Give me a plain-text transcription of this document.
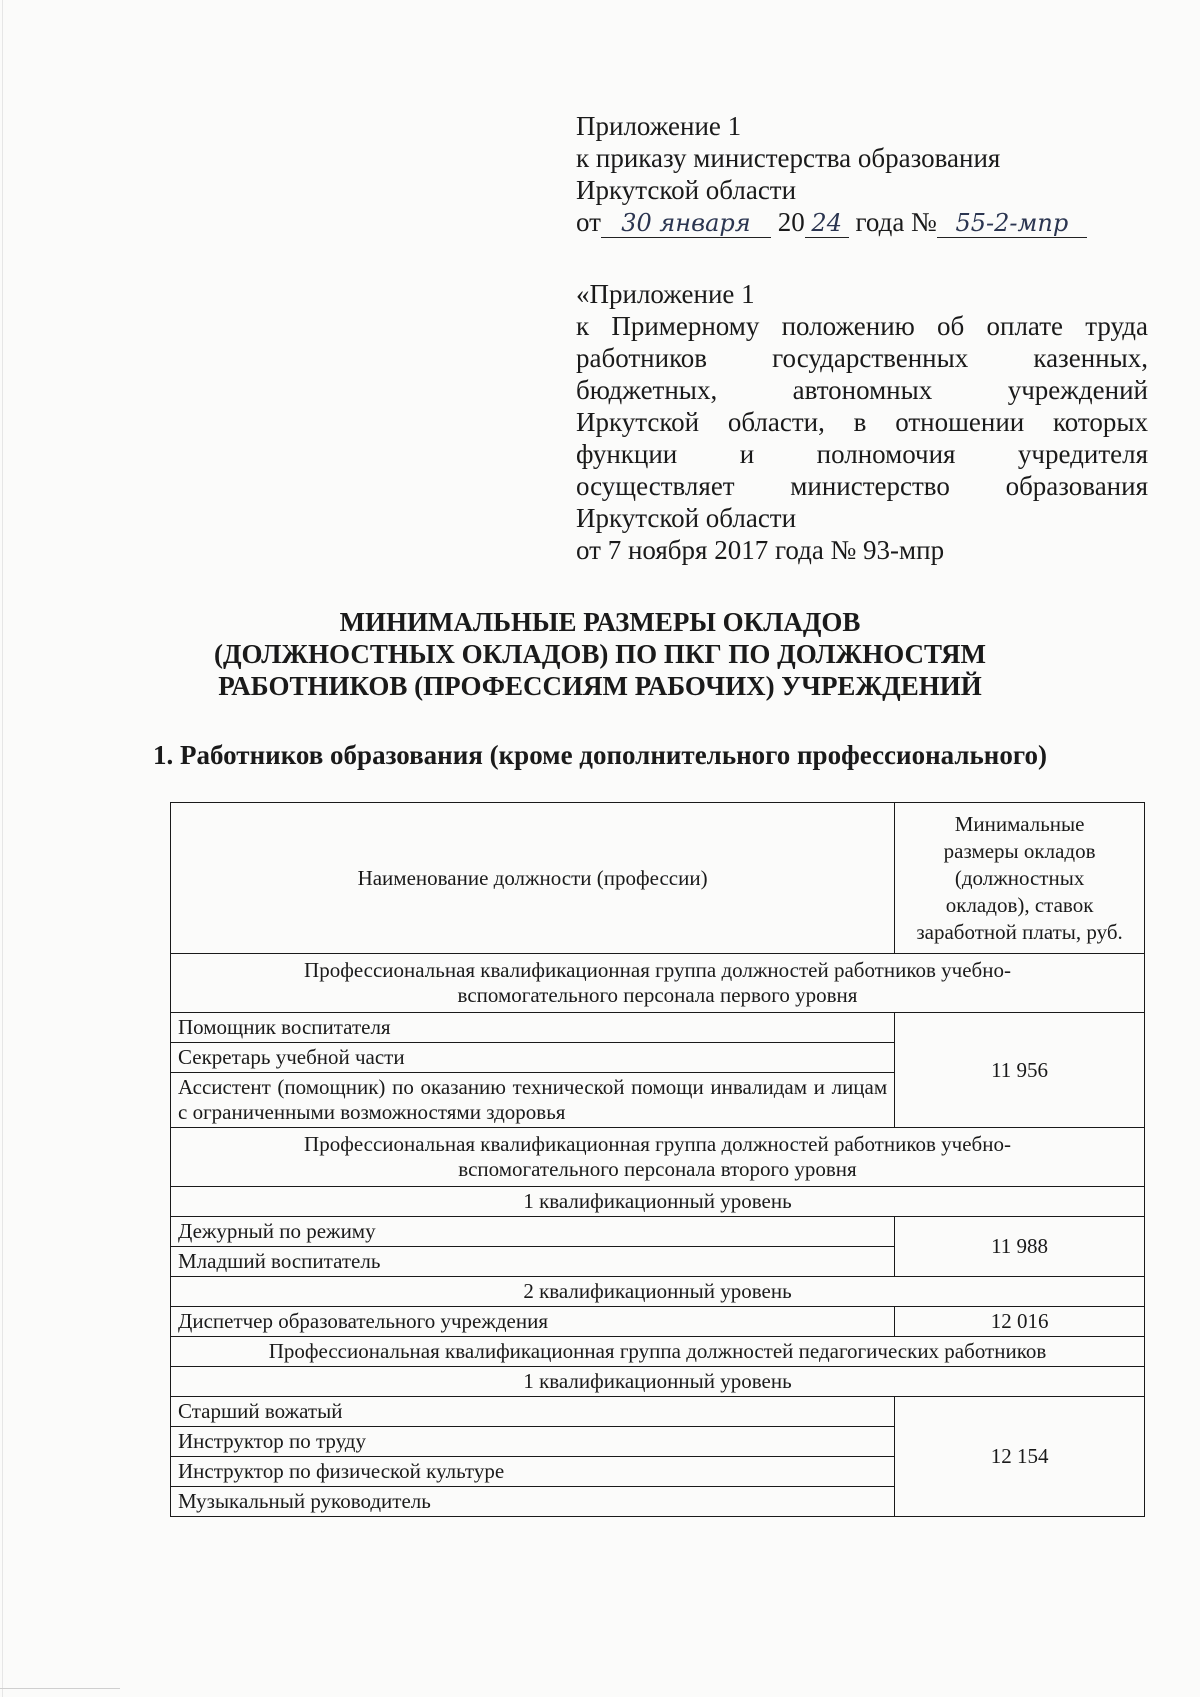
Приложение 1
к приказу министерства образования
Иркутской области
от 30 января 20 24 года № 55-2-мпр
«Приложение 1
к Примерному положению об оплате труда
работников государственных казенных,
бюджетных, автономных учреждений
Иркутской области, в отношении которых
функции и полномочия учредителя
осуществляет министерство образования
Иркутской области
от 7 ноября 2017 года № 93-мпр
МИНИМАЛЬНЫЕ РАЗМЕРЫ ОКЛАДОВ
(ДОЛЖНОСТНЫХ ОКЛАДОВ) ПО ПКГ ПО ДОЛЖНОСТЯМ
РАБОТНИКОВ (ПРОФЕССИЯМ РАБОЧИХ) УЧРЕЖДЕНИЙ
1. Работников образования (кроме дополнительного профессионального)
Наименование должности (профессии)	Минимальные
размеры окладов
(должностных
окладов), ставок
заработной платы, руб.

Профессиональная квалификационная группа должностей работников учебно-вспомогательного персонала первого уровня	
Помощник воспитателя	11 956
Секретарь учебной части	
Ассистент (помощник) по оказанию технической помощи инвалидам и лицам с ограниченными возможностями здоровья	
Профессиональная квалификационная группа должностей работников учебно-вспомогательного персонала второго уровня	
1 квалификационный уровень	
Дежурный по режиму	11 988
Младший воспитатель	
2 квалификационный уровень	
Диспетчер образовательного учреждения	12 016
Профессиональная квалификационная группа должностей педагогических работников	
1 квалификационный уровень	
Старший вожатый	12 154
Инструктор по труду	
Инструктор по физической культуре	
Музыкальный руководитель	
